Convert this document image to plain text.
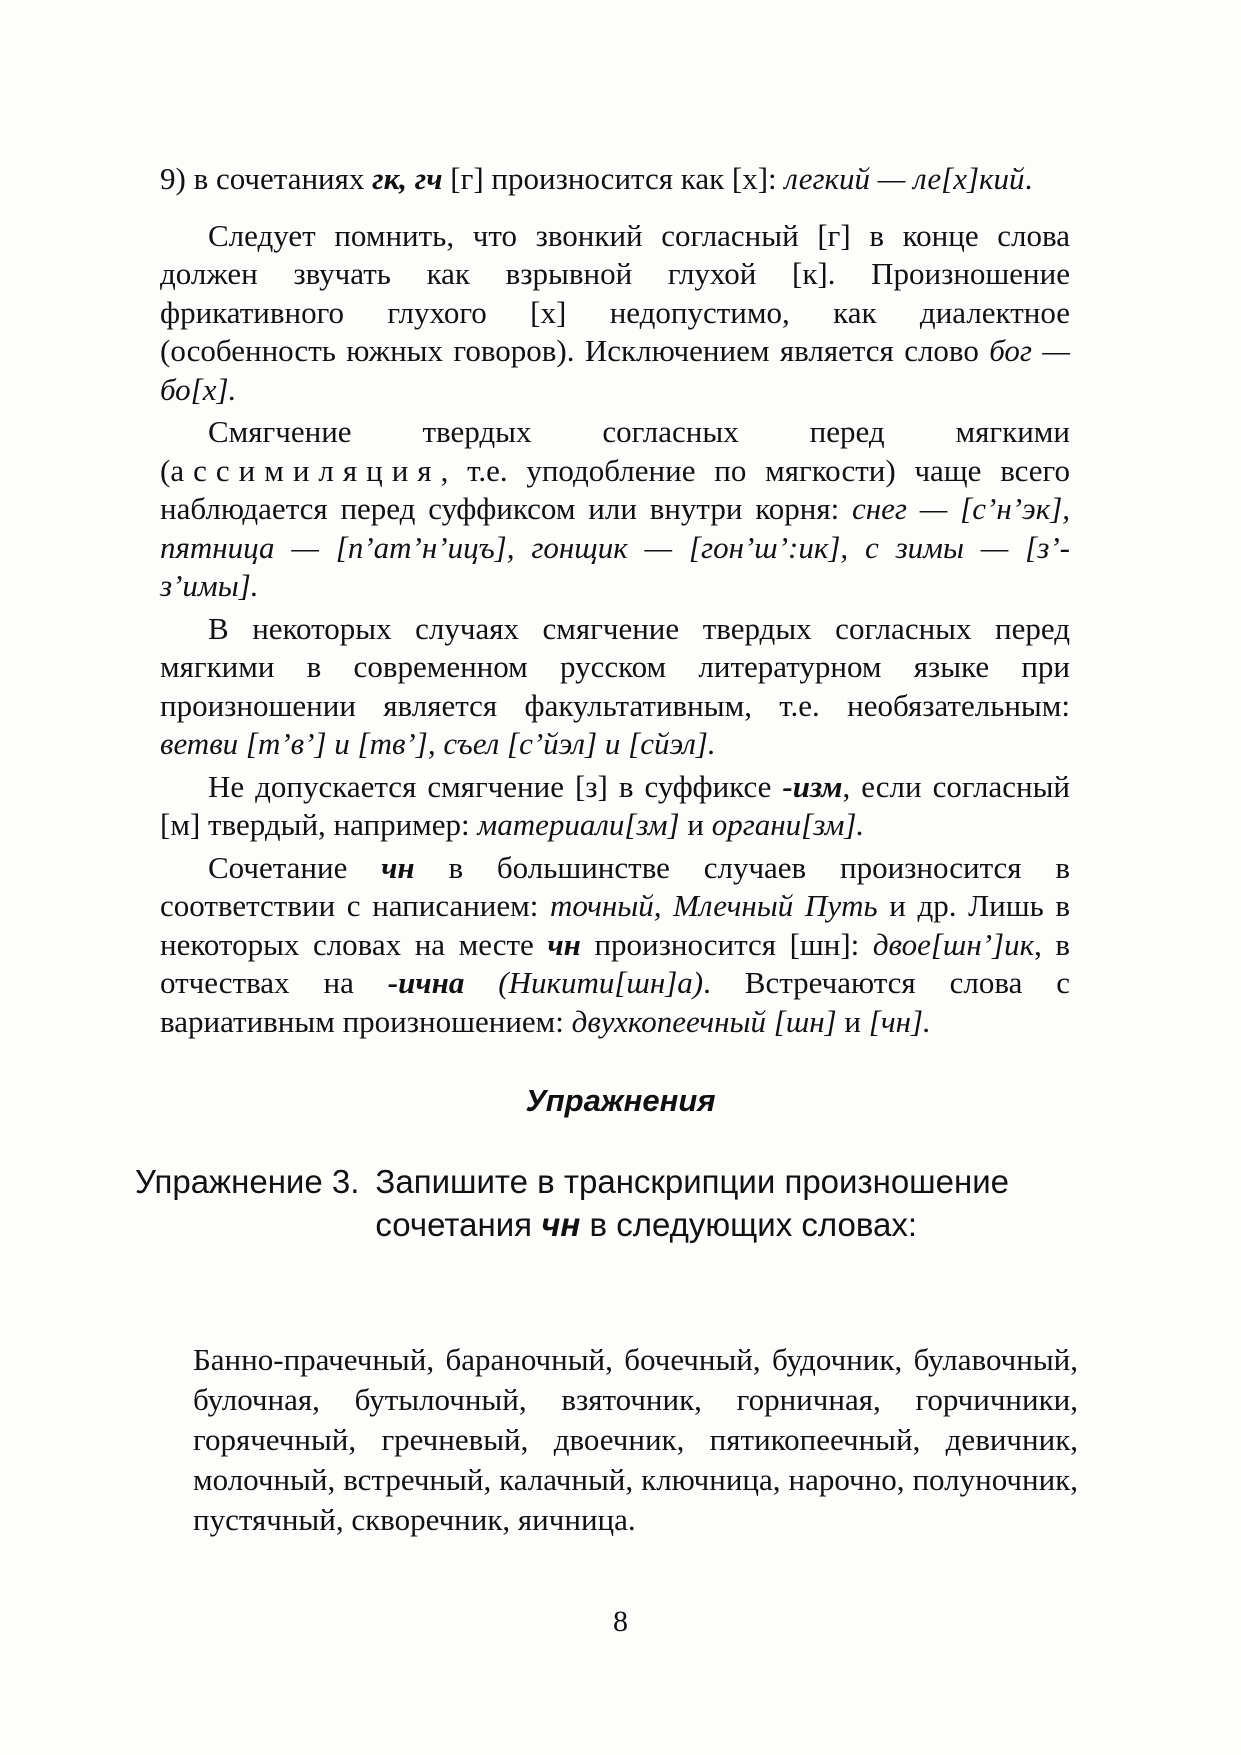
9) в сочетаниях гк, гч [г] произносится как [х]: легкий — ле[х]кий.

Следует помнить, что звонкий согласный [г] в конце слова должен звучать как взрывной глухой [к]. Произношение фрикативного глухого [х] недопустимо, как диалектное (особенность южных говоров). Исключением является слово бог — бо[х].

Смягчение твердых согласных перед мягкими (ассимиляция, т.е. уподобление по мягкости) чаще всего наблюдается перед суффиксом или внутри корня: снег — [с’н’эк], пятница — [п’ат’н’ицъ], гонщик — [гон’ш’:ик], с зимы — [з’-з’имы].

В некоторых случаях смягчение твердых согласных перед мягкими в современном русском литературном языке при произношении является факультативным, т.е. необязательным: ветви [т’в’] и [тв’], съел [с’йэл] и [сйэл].

Не допускается смягчение [з] в суффиксе -изм, если согласный [м] твердый, например: материали[зм] и органи[зм].

Сочетание чн в большинстве случаев произносится в соответствии с написанием: точный, Млечный Путь и др. Лишь в некоторых словах на месте чн произносится [шн]: двое[шн’]ик, в отчествах на -ична (Никити[шн]а). Встречаются слова с вариативным произношением: двухкопеечный [шн] и [чн].

Упражнения
Упражнение 3. Запишите в транскрипции произношение сочетания чн в следующих словах:
Банно-прачечный, бараночный, бочечный, будочник, булавочный, булочная, бутылочный, взяточник, горничная, горчичники, горячечный, гречневый, двоечник, пятикопеечный, девичник, молочный, встречный, калачный, ключница, нарочно, полуночник, пустячный, скворечник, яичница.
8
